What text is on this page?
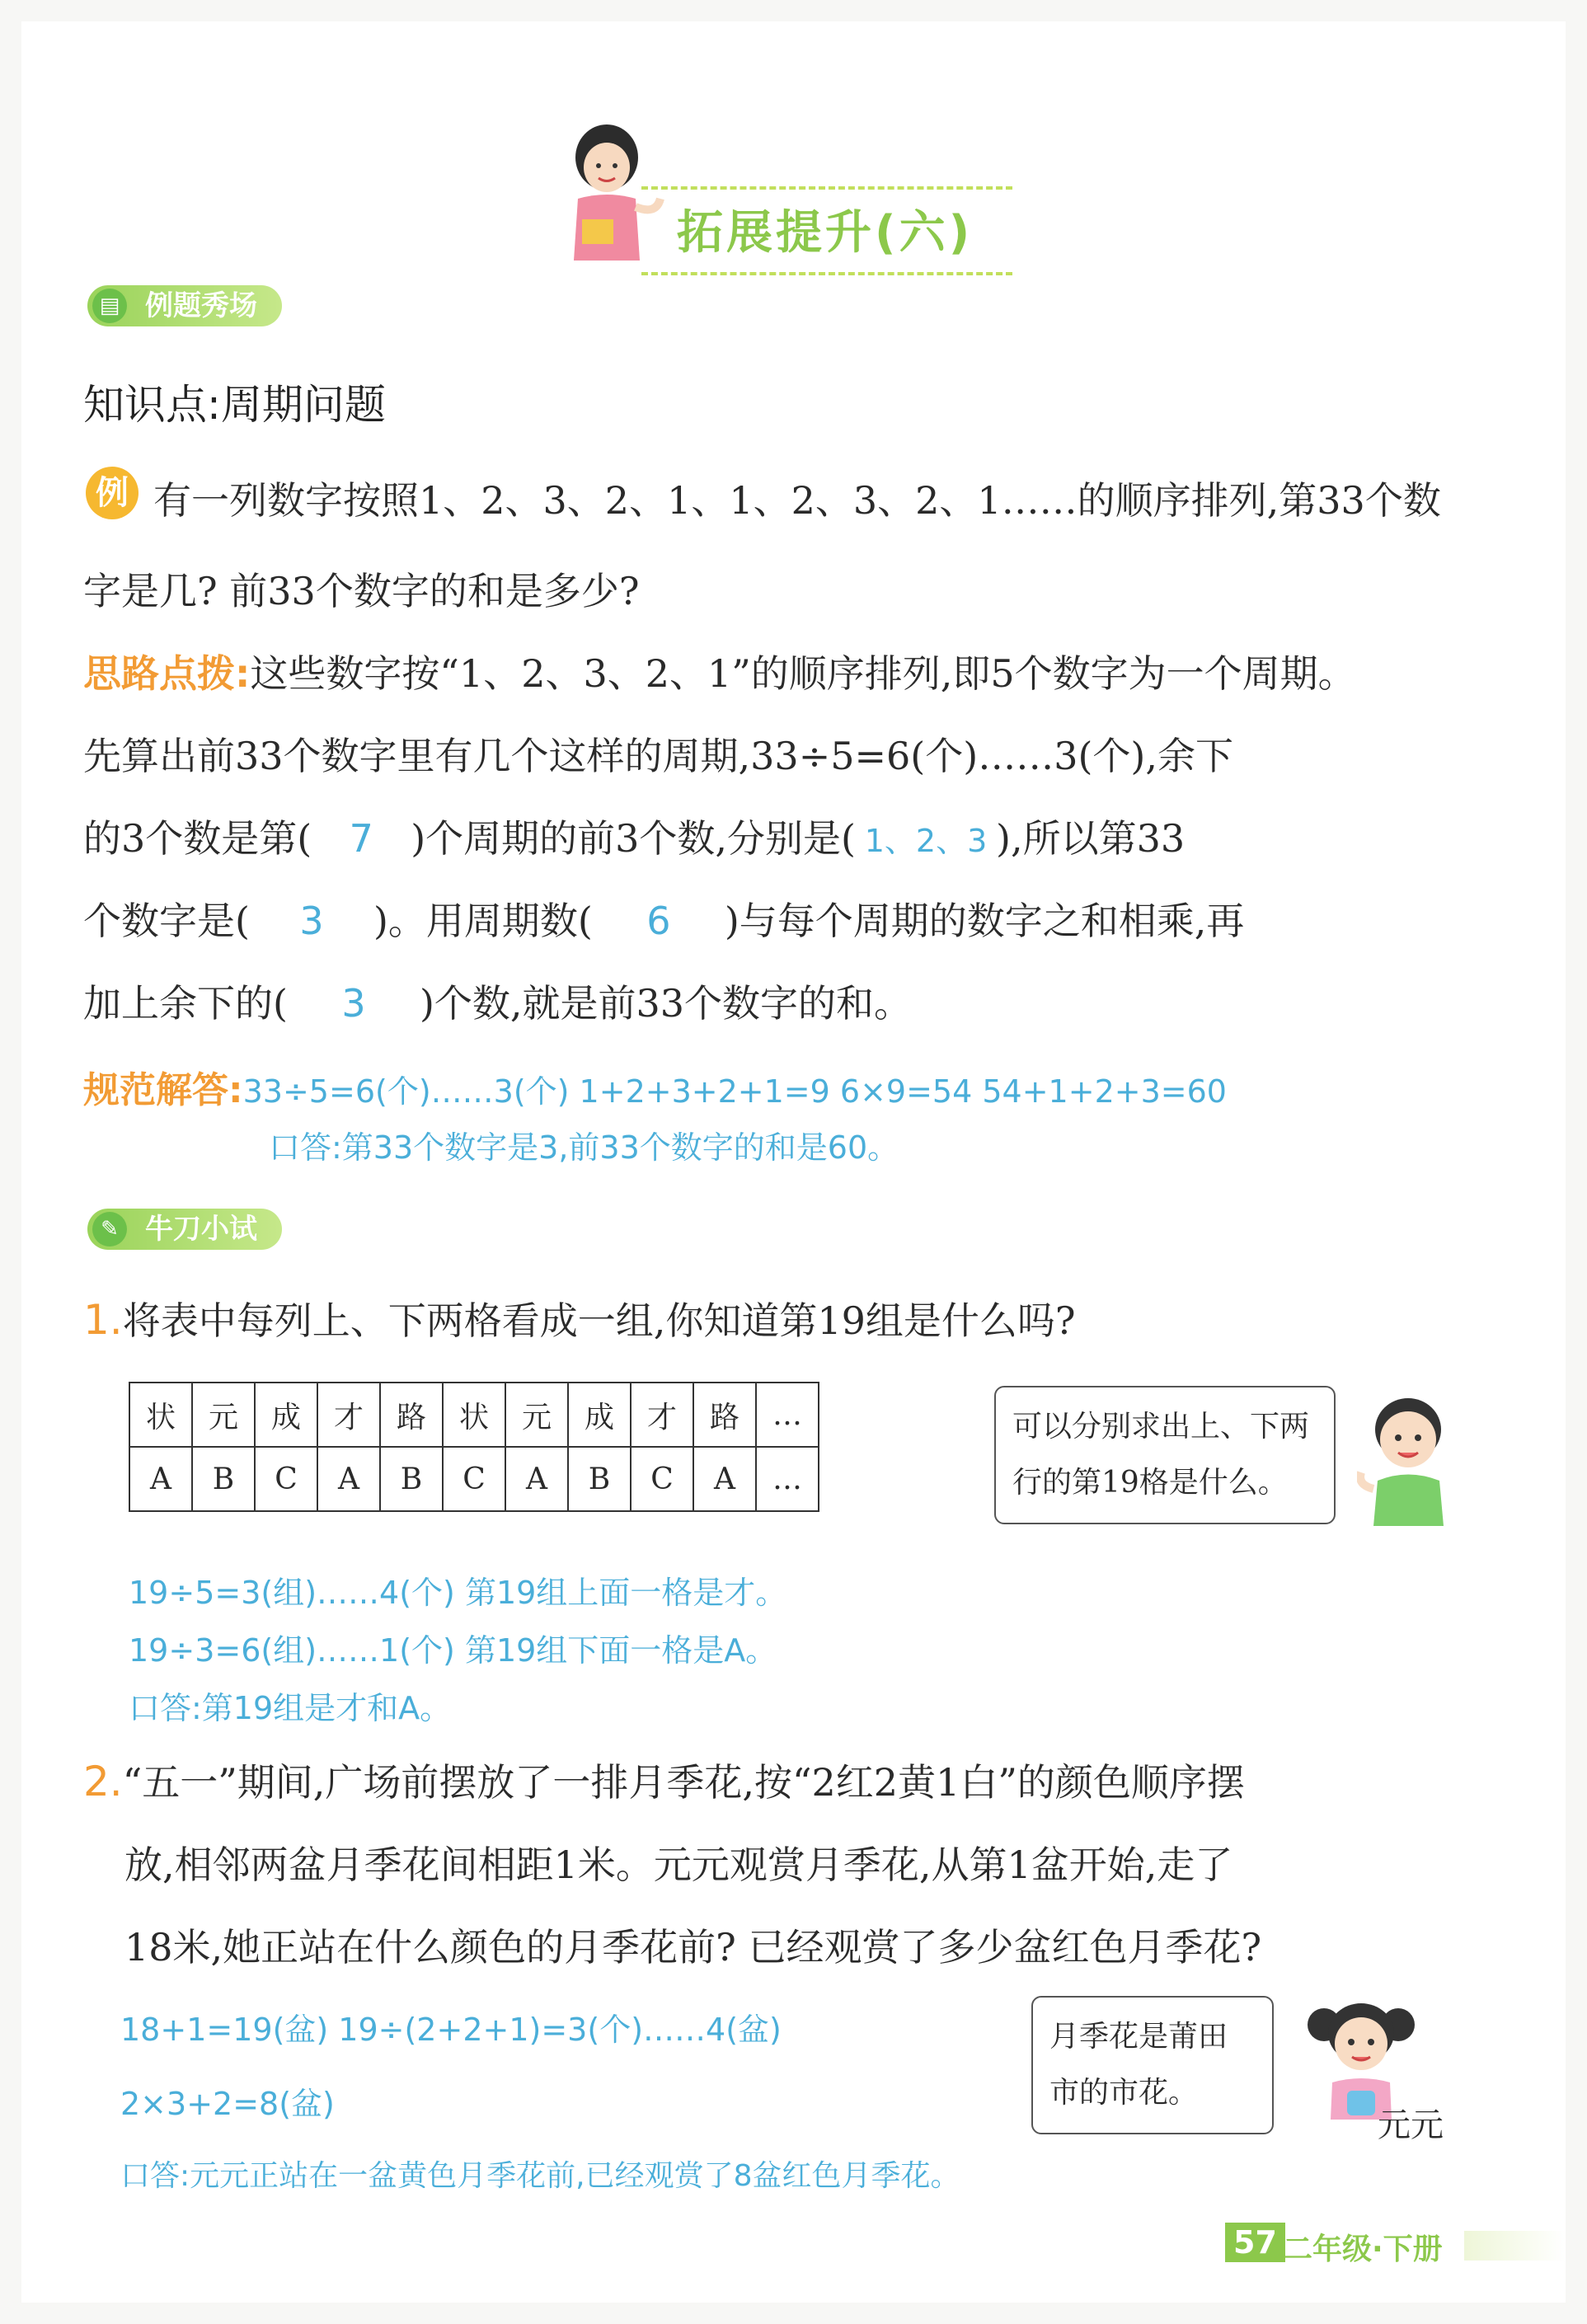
拓展提升(六)
▤ 例题秀场
知识点:周期问题
例 有一列数字按照1、2、3、2、1、1、2、3、2、1……的顺序排列,第33个数
字是几? 前33个数字的和是多少?
思路点拨:这些数字按“1、2、3、2、1”的顺序排列,即5个数字为一个周期。
先算出前33个数字里有几个这样的周期,33÷5=6(个)……3(个),余下
的3个数是第( 7 )个周期的前3个数,分别是( 1、2、3 ),所以第33
个数字是( 3 )。用周期数( 6 )与每个周期的数字之和相乘,再
加上余下的( 3 )个数,就是前33个数字的和。
规范解答:33÷5=6(个)……3(个) 1+2+3+2+1=9 6×9=54 54+1+2+3=60
口答:第33个数字是3,前33个数字的和是60。
✎ 牛刀小试
1.将表中每列上、下两格看成一组,你知道第19组是什么吗?
状	元	成	才	路	状	元	成	才	路	…
A	B	C	A	B	C	A	B	C	A	…
可以分别求出上、下两
行的第19格是什么。
19÷5=3(组)……4(个) 第19组上面一格是才。
19÷3=6(组)……1(个) 第19组下面一格是A。
口答:第19组是才和A。
2.“五一”期间,广场前摆放了一排月季花,按“2红2黄1白”的颜色顺序摆
放,相邻两盆月季花间相距1米。元元观赏月季花,从第1盆开始,走了
18米,她正站在什么颜色的月季花前? 已经观赏了多少盆红色月季花?
18+1=19(盆) 19÷(2+2+1)=3(个)……4(盆)
2×3+2=8(盆)
口答:元元正站在一盆黄色月季花前,已经观赏了8盆红色月季花。
月季花是莆田
市的市花。
元元
57 二年级·下册
